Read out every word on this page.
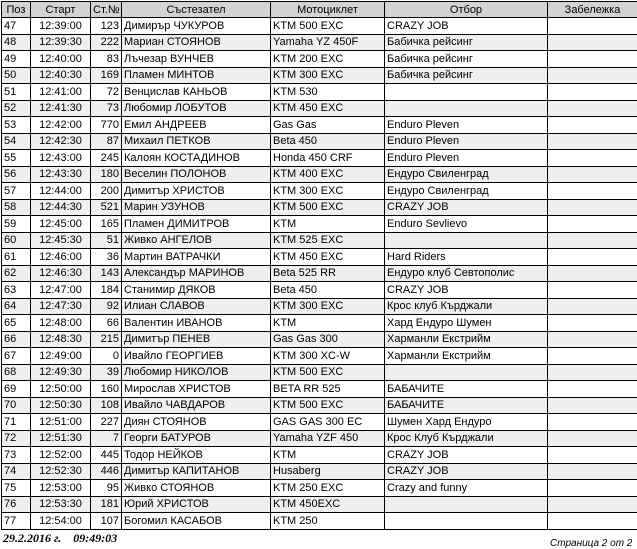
Поз	Старт	Ст.№	Състезател	Мотоциклет	Отбор	Забележка
47	12:39:00	123	Димирър ЧУКУРОВ	KTM 500 EXC	CRAZY JOB	
48	12:39:30	222	Мариан СТОЯНОВ	Yamaha YZ 450F	Бабичка рейсинг	
49	12:40:00	83	Лъчезар ВУНЧЕВ	KTM 200 EXC	Бабичка рейсинг	
50	12:40:30	169	Пламен МИНТОВ	KTM 300 EXC	Бабичка рейсинг	
51	12:41:00	72	Венцислав КАНЬОВ	KTM 530		
52	12:41:30	73	Любомир ЛОБУТОВ	KTM 450 EXC		
53	12:42:00	770	Емил АНДРЕЕВ	Gas Gas	Enduro Pleven	
54	12:42:30	87	Михаил ПЕТКОВ	Beta 450	Enduro Pleven	
55	12:43:00	245	Калоян КОСТАДИНОВ	Honda 450 CRF	Enduro Pleven	
56	12:43:30	180	Веселин ПОЛОНОВ	KTM 400 EXC	Ендуро Свиленград	
57	12:44:00	200	Димитър ХРИСТОВ	KTM 300 EXC	Ендуро Свиленград	
58	12:44:30	521	Марин УЗУНОВ	KTM 500 EXC	CRAZY JOB	
59	12:45:00	165	Пламен ДИМИТРОВ	KTM	Enduro Sevlievo	
60	12:45:30	51	Живко АНГЕЛОВ	KTM 525 EXC		
61	12:46:00	36	Мартин ВАТРАЧКИ	KTM 450 EXC	Hard Riders	
62	12:46:30	143	Александър МАРИНОВ	Beta 525 RR	Ендуро клуб Севтополис	
63	12:47:00	184	Станимир ДЯКОВ	Beta 450	CRAZY JOB	
64	12:47:30	92	Илиан СЛАВОВ	KTM 300 EXC	Крос клуб Кърджали	
65	12:48:00	66	Валентин ИВАНОВ	KTM	Хард Ендуро Шумен	
66	12:48:30	215	Димитър ПЕНЕВ	Gas Gas 300	Харманли Екстрийм	
67	12:49:00	0	Ивайло ГЕОРГИЕВ	KTM 300 XC-W	Харманли Екстрийм	
68	12:49:30	39	Любомир НИКОЛОВ	KTM 500 EXC		
69	12:50:00	160	Мирослав ХРИСТОВ	BETA RR 525	БАБАЧИТЕ	
70	12:50:30	108	Ивайло ЧАВДАРОВ	KTM 500 EXC	БАБАЧИТЕ	
71	12:51:00	227	Диян СТОЯНОВ	GAS GAS 300 EC	Шумен Хард Ендуро	
72	12:51:30	7	Георги БАТУРОВ	Yamaha YZF 450	Крос Клуб Кърджали	
73	12:52:00	445	Тодор НЕЙКОВ	KTM	CRAZY JOB	
74	12:52:30	446	Димитър КАПИТАНОВ	Husaberg	CRAZY JOB	
75	12:53:00	95	Живко СТОЯНОВ	KTM 250 EXC	Crazy and funny	
76	12:53:30	181	Юрий ХРИСТОВ	KTM 450EXC		
77	12:54:00	107	Богомил КАСАБОВ	KTM 250		
29.2.2016 г.    09:49:03	Страница 2 от 2
